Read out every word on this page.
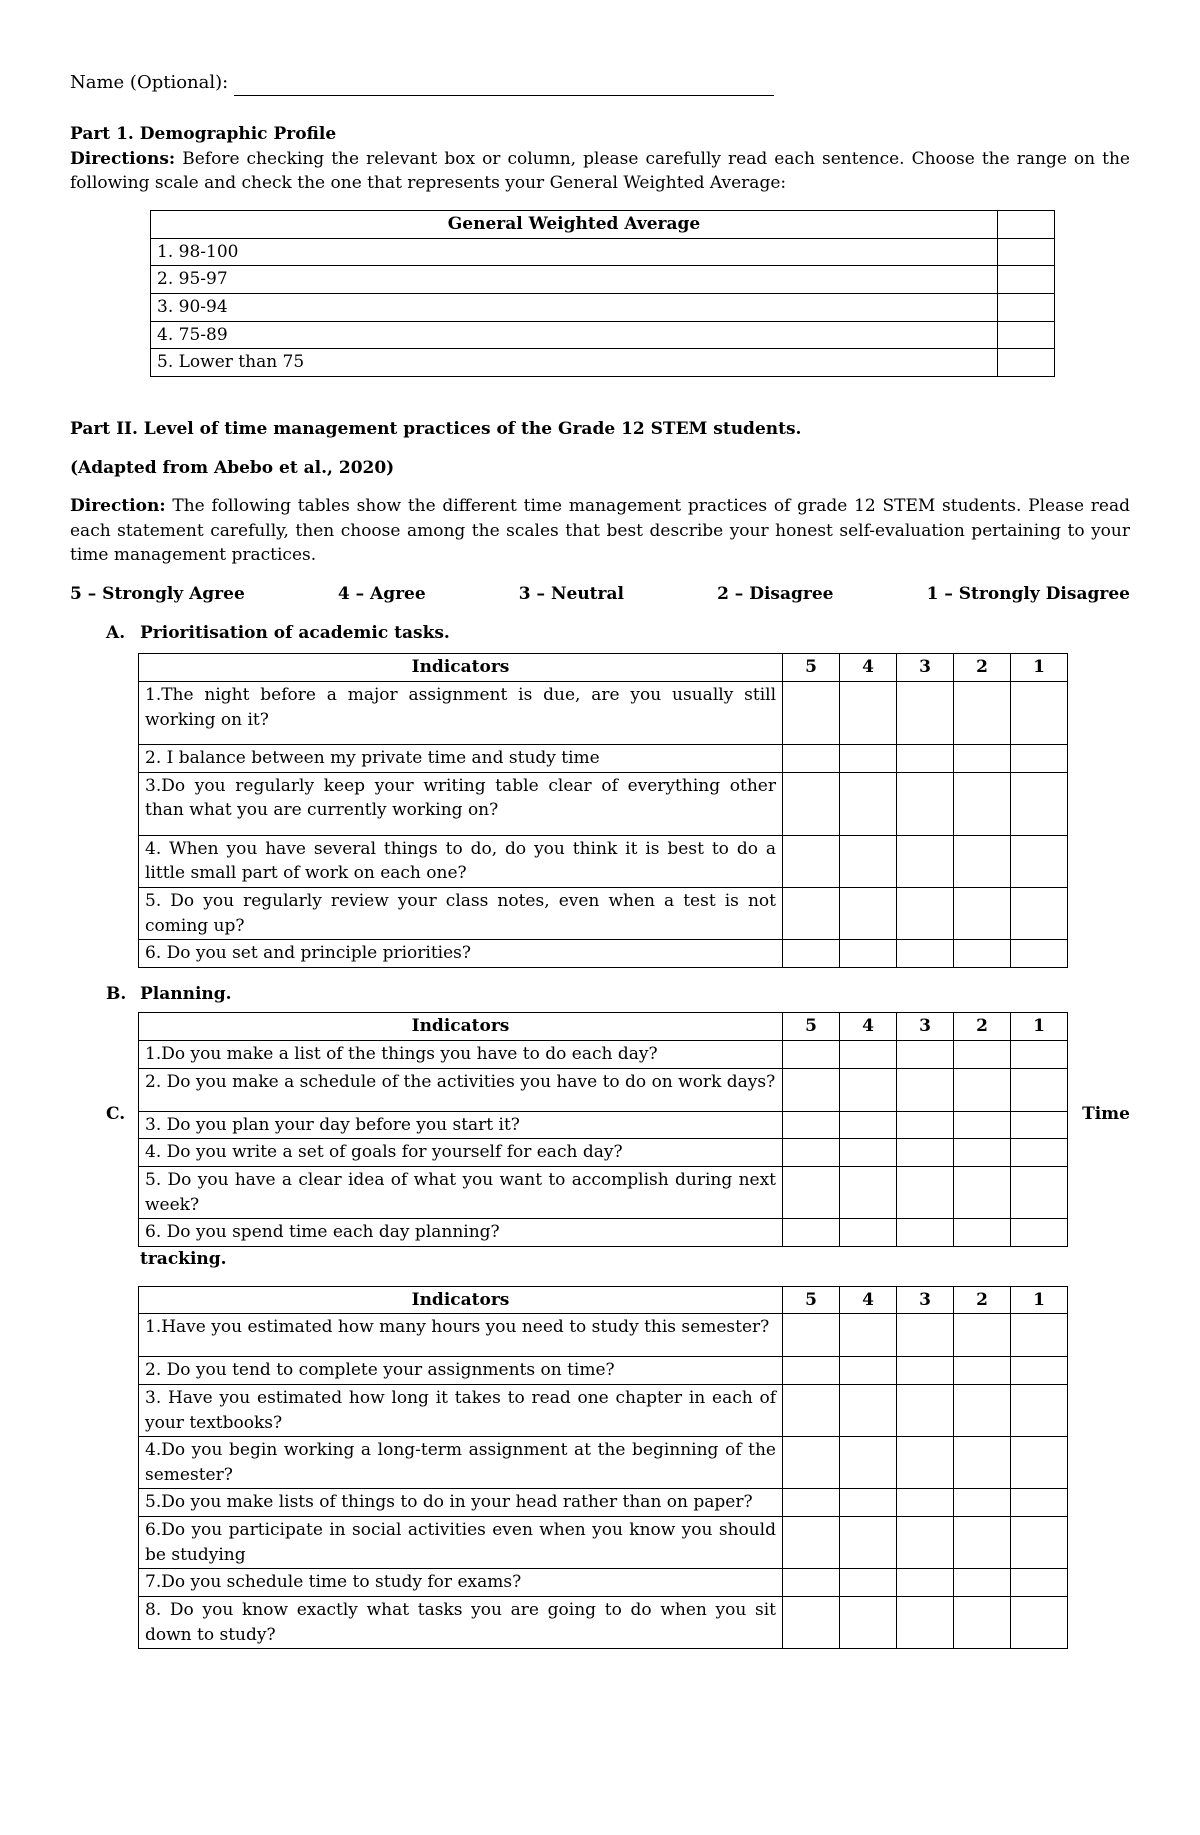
Name (Optional):
Part 1. Demographic Profile

Directions: Before checking the relevant box or column, please carefully read each sentence. Choose the range on the following scale and check the one that represents your General Weighted Average:

General Weighted Average	
1. 98-100	
2. 95-97	
3. 90-94	
4. 75-89	
5. Lower than 75	
Part II. Level of time management practices of the Grade 12 STEM students.
(Adapted from Abebo et al., 2020)

Direction: The following tables show the different time management practices of grade 12 STEM students. Please read each statement carefully, then choose among the scales that best describe your honest self-evaluation pertaining to your time management practices.

5 – Strongly Agree	4 – Agree	3 – Neutral	2 – Disagree	1 – Strongly Disagree
A. Prioritisation of academic tasks.
Indicators	5	4	3	2	1
1.The night before a major assignment is due, are you usually still working on it?					
2. I balance between my private time and study time					
3.Do you regularly keep your writing table clear of everything other than what you are currently working on?					
4. When you have several things to do, do you think it is best to do a little small part of work on each one?					
5. Do you regularly review your class notes, even when a test is not coming up?					
6. Do you set and principle priorities?					
B. Planning.
C.	Time
Indicators	5	4	3	2	1
1.Do you make a list of the things you have to do each day?					
2. Do you make a schedule of the activities you have to do on work days?					
3. Do you plan your day before you start it?					
4. Do you write a set of goals for yourself for each day?					
5. Do you have a clear idea of what you want to accomplish during next week?					
6. Do you spend time each day planning?					
tracking.
Indicators	5	4	3	2	1
1.Have you estimated how many hours you need to study this semester?					
2. Do you tend to complete your assignments on time?					
3. Have you estimated how long it takes to read one chapter in each of your textbooks?					
4.Do you begin working a long-term assignment at the beginning of the semester?					
5.Do you make lists of things to do in your head rather than on paper?					
6.Do you participate in social activities even when you know you should be studying					
7.Do you schedule time to study for exams?					
8. Do you know exactly what tasks you are going to do when you sit down to study?					
